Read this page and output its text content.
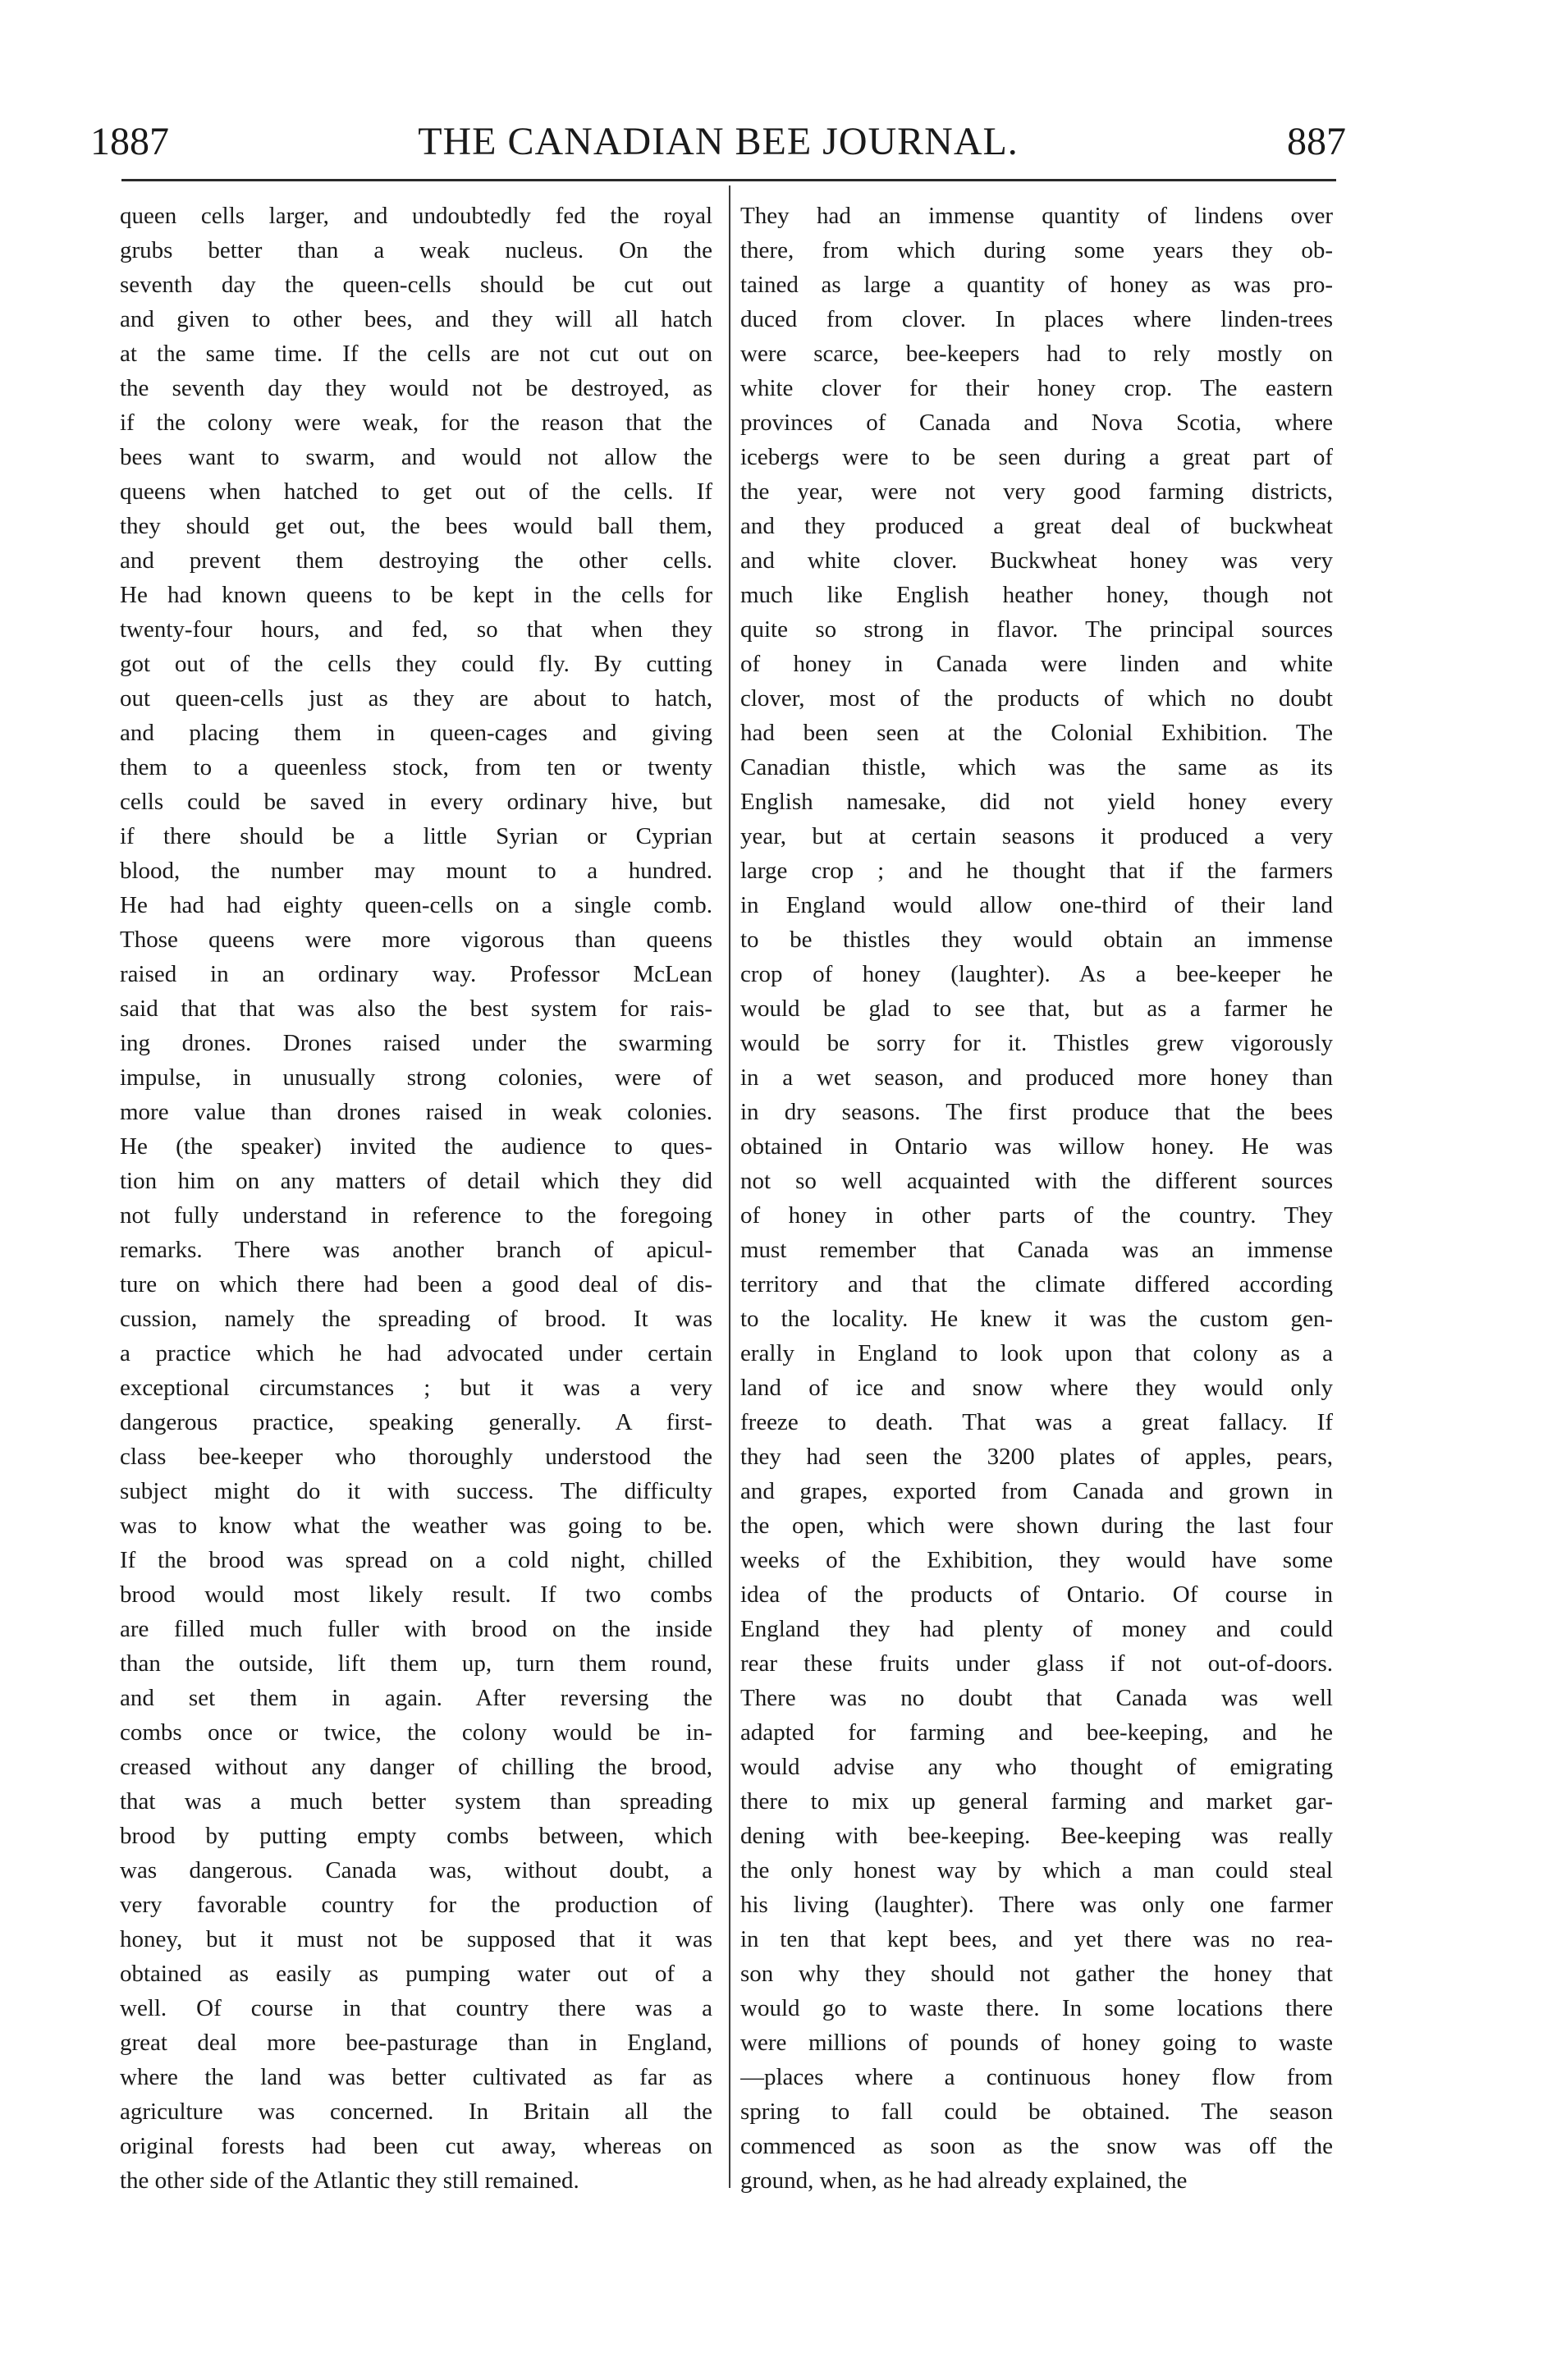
1887	THE CANADIAN BEE JOURNAL.	887
queen cells larger, and undoubtedly fed the royal
grubs better than a weak nucleus. On the
seventh day the queen-cells should be cut out
and given to other bees, and they will all hatch
at the same time. If the cells are not cut out on
the seventh day they would not be destroyed, as
if the colony were weak, for the reason that the
bees want to swarm, and would not allow the
queens when hatched to get out of the cells. If
they should get out, the bees would ball them,
and prevent them destroying the other cells.
He had known queens to be kept in the cells for
twenty-four hours, and fed, so that when they
got out of the cells they could fly. By cutting
out queen-cells just as they are about to hatch,
and placing them in queen-cages and giving
them to a queenless stock, from ten or twenty
cells could be saved in every ordinary hive, but
if there should be a little Syrian or Cyprian
blood, the number may mount to a hundred.
He had had eighty queen-cells on a single comb.
Those queens were more vigorous than queens
raised in an ordinary way. Professor McLean
said that that was also the best system for rais-
ing drones. Drones raised under the swarming
impulse, in unusually strong colonies, were of
more value than drones raised in weak colonies.
He (the speaker) invited the audience to ques-
tion him on any matters of detail which they did
not fully understand in reference to the foregoing
remarks. There was another branch of apicul-
ture on which there had been a good deal of dis-
cussion, namely the spreading of brood. It was
a practice which he had advocated under certain
exceptional circumstances ; but it was a very
dangerous practice, speaking generally. A first-
class bee-keeper who thoroughly understood the
subject might do it with success. The difficulty
was to know what the weather was going to be.
If the brood was spread on a cold night, chilled
brood would most likely result. If two combs
are filled much fuller with brood on the inside
than the outside, lift them up, turn them round,
and set them in again. After reversing the
combs once or twice, the colony would be in-
creased without any danger of chilling the brood,
that was a much better system than spreading
brood by putting empty combs between, which
was dangerous. Canada was, without doubt, a
very favorable country for the production of
honey, but it must not be supposed that it was
obtained as easily as pumping water out of a
well. Of course in that country there was a
great deal more bee-pasturage than in England,
where the land was better cultivated as far as
agriculture was concerned. In Britain all the
original forests had been cut away, whereas on
the other side of the Atlantic they still remained.
They had an immense quantity of lindens over
there, from which during some years they ob-
tained as large a quantity of honey as was pro-
duced from clover. In places where linden-trees
were scarce, bee-keepers had to rely mostly on
white clover for their honey crop. The eastern
provinces of Canada and Nova Scotia, where
icebergs were to be seen during a great part of
the year, were not very good farming districts,
and they produced a great deal of buckwheat
and white clover. Buckwheat honey was very
much like English heather honey, though not
quite so strong in flavor. The principal sources
of honey in Canada were linden and white
clover, most of the products of which no doubt
had been seen at the Colonial Exhibition. The
Canadian thistle, which was the same as its
English namesake, did not yield honey every
year, but at certain seasons it produced a very
large crop ; and he thought that if the farmers
in England would allow one-third of their land
to be thistles they would obtain an immense
crop of honey (laughter). As a bee-keeper he
would be glad to see that, but as a farmer he
would be sorry for it. Thistles grew vigorously
in a wet season, and produced more honey than
in dry seasons. The first produce that the bees
obtained in Ontario was willow honey. He was
not so well acquainted with the different sources
of honey in other parts of the country. They
must remember that Canada was an immense
territory and that the climate differed according
to the locality. He knew it was the custom gen-
erally in England to look upon that colony as a
land of ice and snow where they would only
freeze to death. That was a great fallacy. If
they had seen the 3200 plates of apples, pears,
and grapes, exported from Canada and grown in
the open, which were shown during the last four
weeks of the Exhibition, they would have some
idea of the products of Ontario. Of course in
England they had plenty of money and could
rear these fruits under glass if not out-of-doors.
There was no doubt that Canada was well
adapted for farming and bee-keeping, and he
would advise any who thought of emigrating
there to mix up general farming and market gar-
dening with bee-keeping. Bee-keeping was really
the only honest way by which a man could steal
his living (laughter). There was only one farmer
in ten that kept bees, and yet there was no rea-
son why they should not gather the honey that
would go to waste there. In some locations there
were millions of pounds of honey going to waste
—places where a continuous honey flow from
spring to fall could be obtained. The season
commenced as soon as the snow was off the
ground, when, as he had already explained, the
